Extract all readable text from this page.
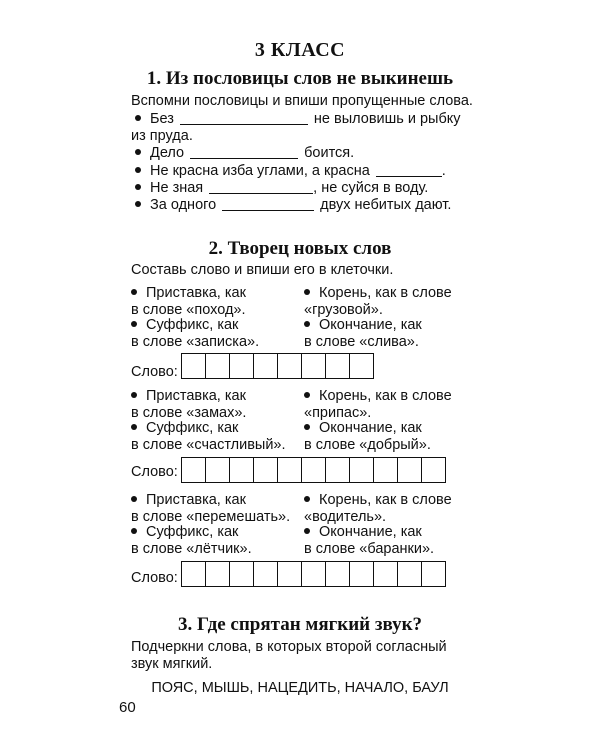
3 КЛАСС
1. Из пословицы слов не выкинешь
Вспомни пословицы и впиши пропущенные слова.
Без	не выловишь и рыбку
из пруда.
Дело	боится.
Не красна изба углами, а красна	.
Не зная	, не суйся в воду.
За одного	двух небитых дают.
2. Творец новых слов
Составь слово и впиши его в клеточки.
Приставка, как
в слове «поход».
Суффикс, как
в слове «записка».
Корень, как в слове
«грузовой».
Окончание, как
в слове «слива».
Слово:
Приставка, как
в слове «замах».
Суффикс, как
в слове «счастливый».
Корень, как в слове
«припас».
Окончание, как
в слове «добрый».
Слово:
Приставка, как
в слове «перемешать».
Суффикс, как
в слове «лётчик».
Корень, как в слове
«водитель».
Окончание, как
в слове «баранки».
Слово:
3. Где спрятан мягкий звук?
Подчеркни слова, в которых второй согласный
звук мягкий.
ПОЯС, МЫШЬ, НАЦЕДИТЬ, НАЧАЛО, БАУЛ
60
